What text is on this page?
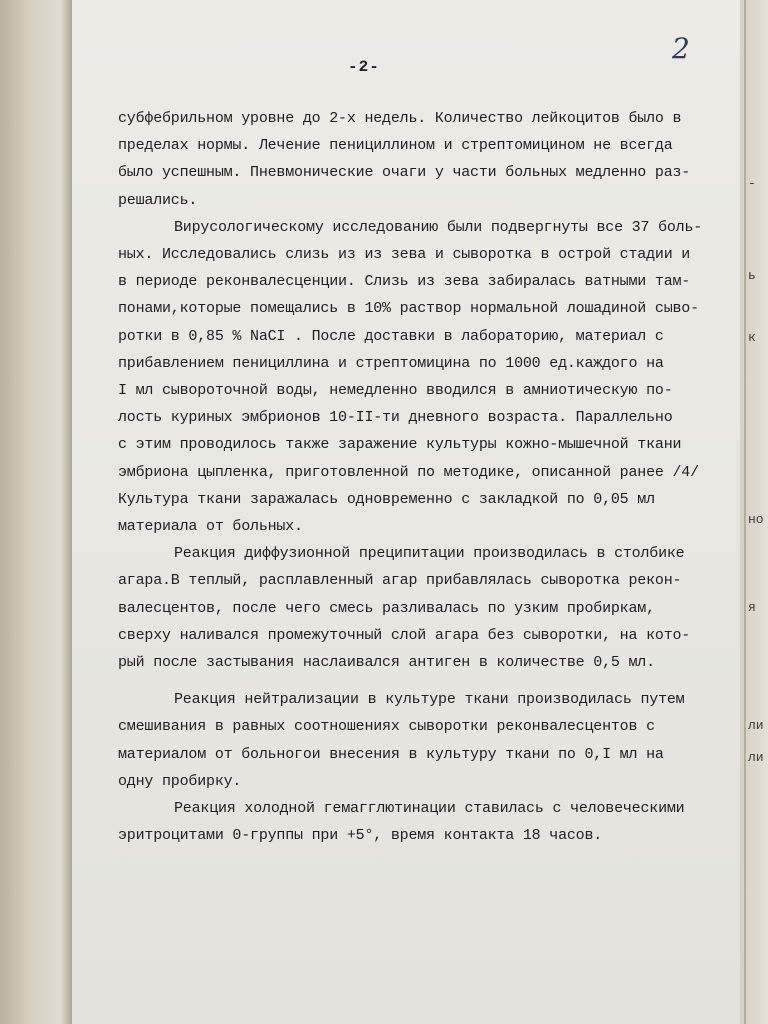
2
-2-
субфебрильном уровне до 2-х недель. Количество лейкоцитов было в
пределах нормы. Лечение пенициллином и стрептомицином не всегда
было успешным. Пневмонические очаги у части больных медленно раз-
решались.
Вирусологическому исследованию были подвергнуты все 37 боль-
ных. Исследовались слизь из из зева и сыворотка в острой стадии и
в периоде реконвалесценции. Слизь из зева забиралась ватными там-
понами,которые помещались в 10% раствор нормальной лошадиной сыво-
ротки в 0,85 % NaCI . После доставки в лабораторию, материал с
прибавлением пенициллина и стрептомицина по 1000 ед.каждого на
I мл сывороточной воды, немедленно вводился в амниотическую по-
лость куриных эмбрионов 10-II-ти дневного возраста. Параллельно
с этим проводилось также заражение культуры кожно-мышечной ткани
эмбриона цыпленка, приготовленной по методике, описанной ранее /4/
Культура ткани заражалась одновременно с закладкой по 0,05 мл
материала от больных.
Реакция диффузионной преципитации производилась в столбике
агара.В теплый, расплавленный агар прибавлялась сыворотка рекон-
валесцентов, после чего смесь разливалась по узким пробиркам,
сверху наливался промежуточный слой агара без сыворотки, на кото-
рый после застывания наслаивался антиген в количестве 0,5 мл.
Реакция нейтрализации в культуре ткани производилась путем
смешивания в равных соотношениях сыворотки реконвалесцентов с
материалом от больногои внесения в культуру ткани по 0,I мл на
одну пробирку.
Реакция холодной гемагглютинации ставилась с человеческими
эритроцитами 0-группы при +5°, время контакта 18 часов.
-
ь
к
но
я
ли
ли
